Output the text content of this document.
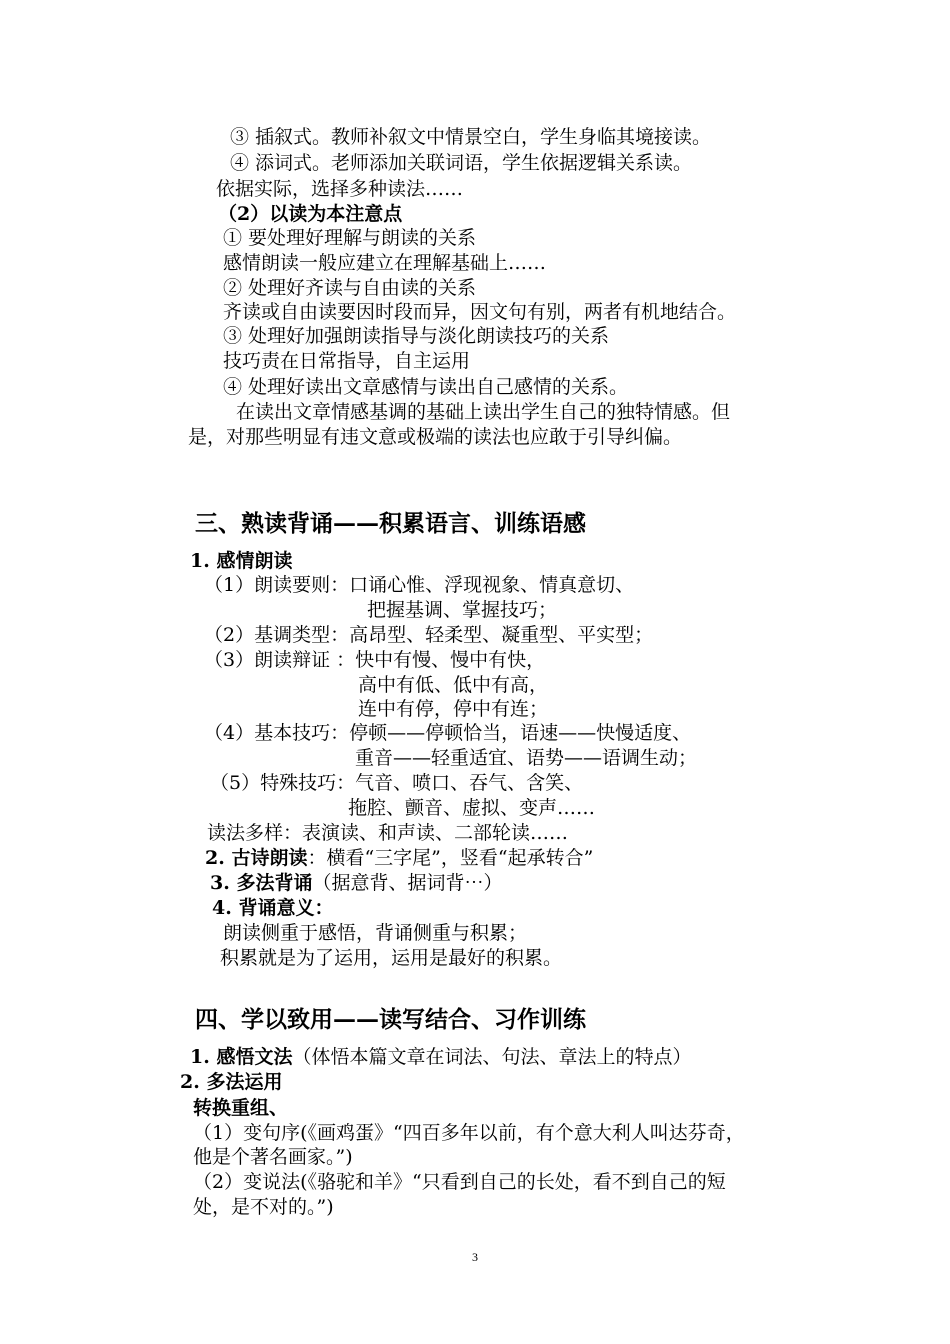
③ 插叙式。教师补叙文中情景空白，学生身临其境接读。
④ 添词式。老师添加关联词语，学生依据逻辑关系读。
依据实际，选择多种读法……
（2）以读为本注意点
① 要处理好理解与朗读的关系
感情朗读一般应建立在理解基础上……
② 处理好齐读与自由读的关系
齐读或自由读要因时段而异，因文句有别，两者有机地结合。
③ 处理好加强朗读指导与淡化朗读技巧的关系
技巧责在日常指导，自主运用
④ 处理好读出文章感情与读出自己感情的关系。
在读出文章情感基调的基础上读出学生自己的独特情感。但
是，对那些明显有违文意或极端的读法也应敢于引导纠偏。
三、熟读背诵——积累语言、训练语感
1. 感情朗读
（1）朗读要则：口诵心惟、浮现视象、情真意切、
把握基调、掌握技巧；
（2）基调类型：高昂型、轻柔型、凝重型、平实型；
（3）朗读辩证 ：快中有慢、慢中有快，
高中有低、低中有高，
连中有停，停中有连；
（4）基本技巧：停顿——停顿恰当，语速——快慢适度、
重音——轻重适宜、语势——语调生动；
（5）特殊技巧：气音、喷口、吞气、含笑、
拖腔、颤音、虚拟、变声……
读法多样：表演读、和声读、二部轮读……
2. 古诗朗读：横看“三字尾”，竖看“起承转合”
3. 多法背诵（据意背、据词背⋯）
4. 背诵意义：
朗读侧重于感悟，背诵侧重与积累；
积累就是为了运用，运用是最好的积累。
四、学以致用——读写结合、习作训练
1. 感悟文法（体悟本篇文章在词法、句法、章法上的特点）
2. 多法运用
转换重组、
（1）变句序(《画鸡蛋》“四百多年以前，有个意大利人叫达芬奇，
他是个著名画家。”)
（2）变说法(《骆驼和羊》“只看到自己的长处，看不到自己的短
处，是不对的。”)
3
